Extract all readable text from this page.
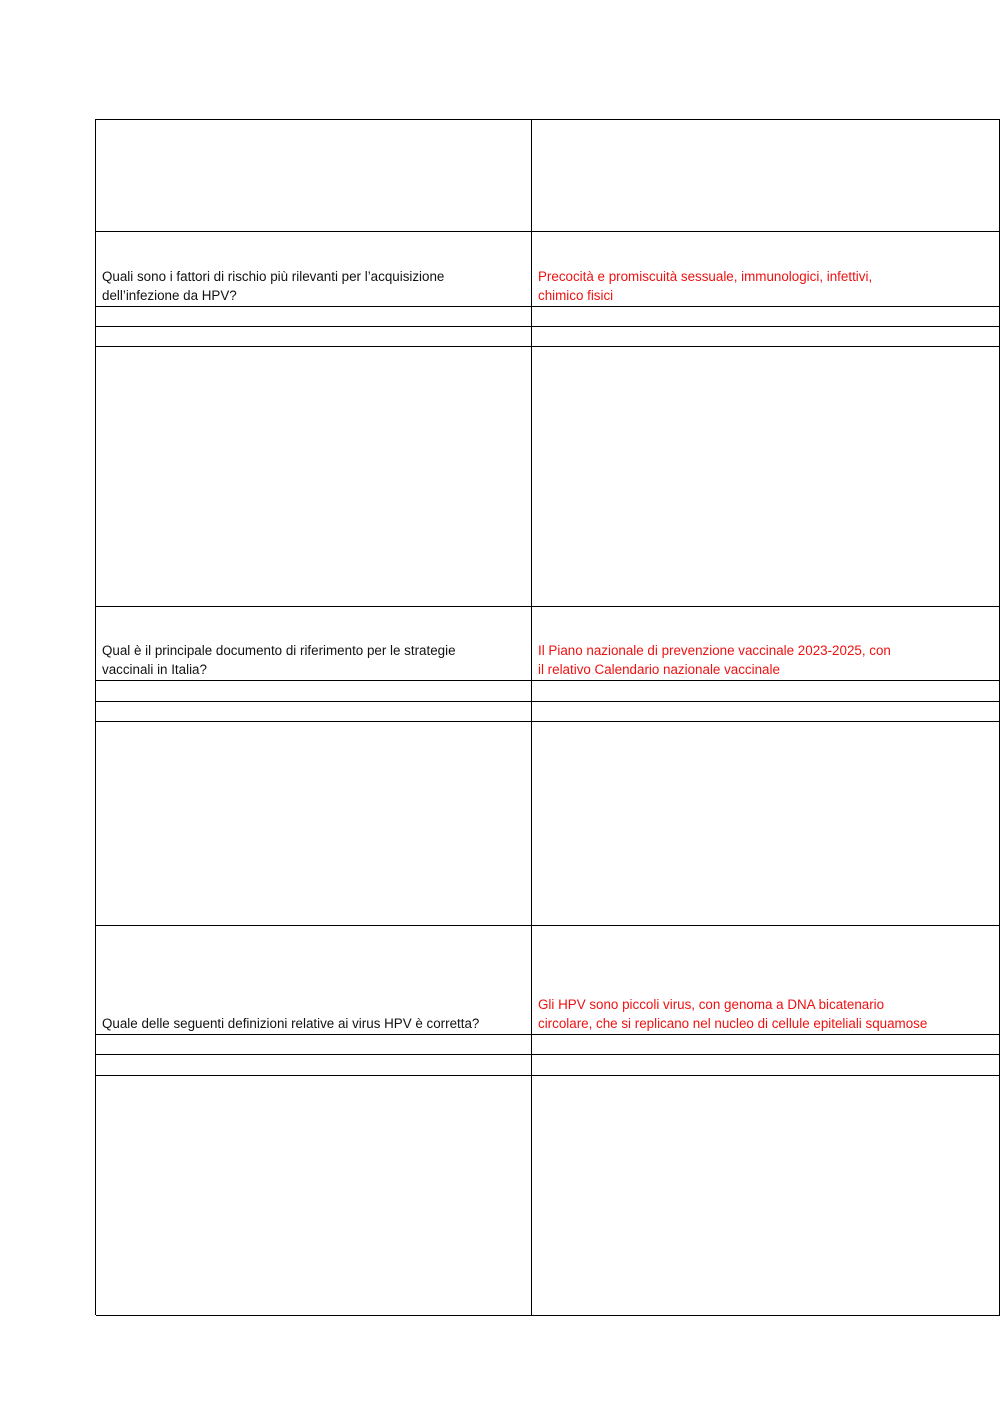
Quali sono i fattori di rischio più rilevanti per l’acquisizione
dell’infezione da HPV?
Precocità e promiscuità sessuale, immunologici, infettivi,
chimico fisici
Qual è il principale documento di riferimento per le strategie
vaccinali in Italia?
Il Piano nazionale di prevenzione vaccinale 2023-2025, con
il relativo Calendario nazionale vaccinale
Quale delle seguenti definizioni relative ai virus HPV è corretta?
Gli HPV sono piccoli virus, con genoma a DNA bicatenario
circolare, che si replicano nel nucleo di cellule epiteliali squamose
